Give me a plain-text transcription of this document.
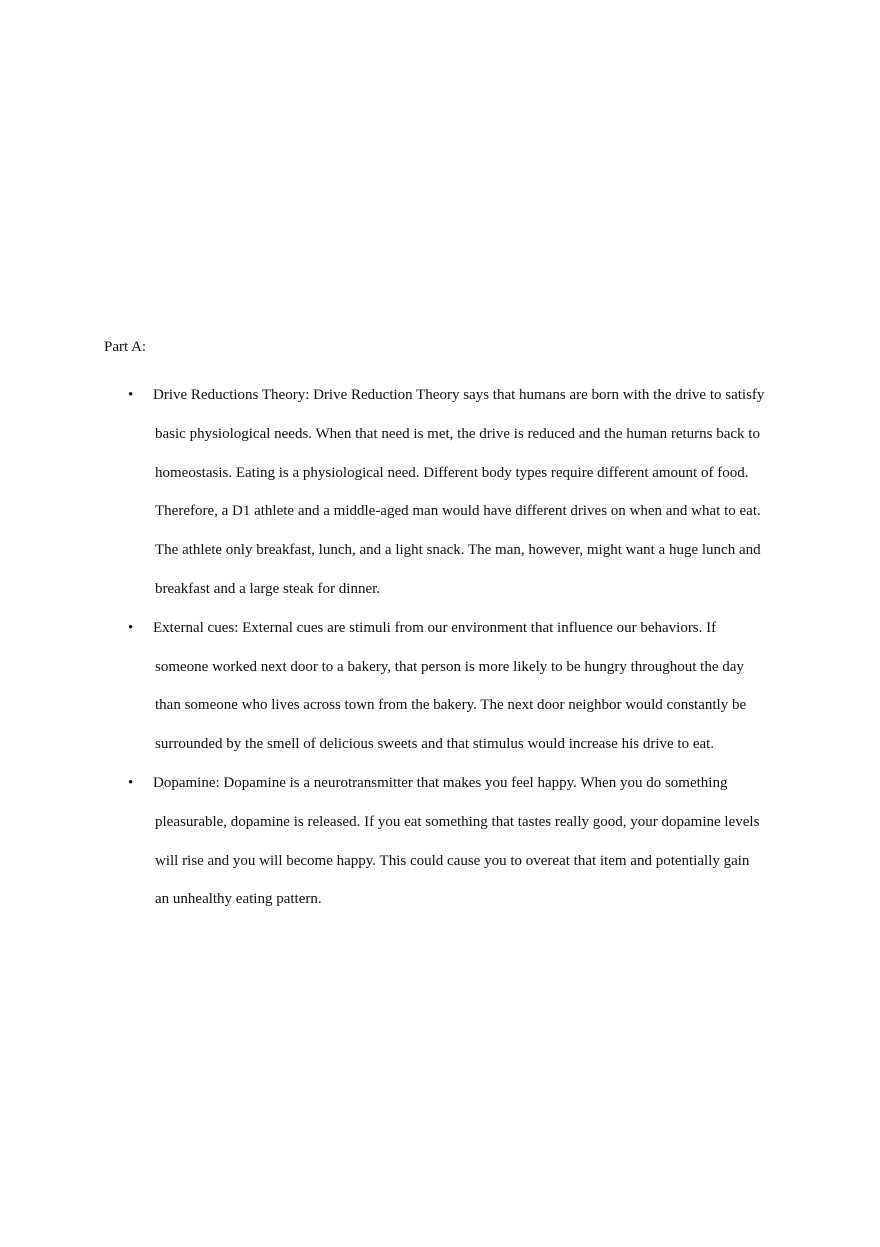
Part A:

• Drive Reductions Theory: Drive Reduction Theory says that humans are born with the drive to satisfy basic physiological needs. When that need is met, the drive is reduced and the human returns back to homeostasis. Eating is a physiological need. Different body types require different amount of food. Therefore, a D1 athlete and a middle-aged man would have different drives on when and what to eat. The athlete only breakfast, lunch, and a light snack. The man, however, might want a huge lunch and breakfast and a large steak for dinner.
• External cues: External cues are stimuli from our environment that influence our behaviors. If someone worked next door to a bakery, that person is more likely to be hungry throughout the day than someone who lives across town from the bakery. The next door neighbor would constantly be surrounded by the smell of delicious sweets and that stimulus would increase his drive to eat.
• Dopamine: Dopamine is a neurotransmitter that makes you feel happy. When you do something pleasurable, dopamine is released. If you eat something that tastes really good, your dopamine levels will rise and you will become happy. This could cause you to overeat that item and potentially gain an unhealthy eating pattern.
